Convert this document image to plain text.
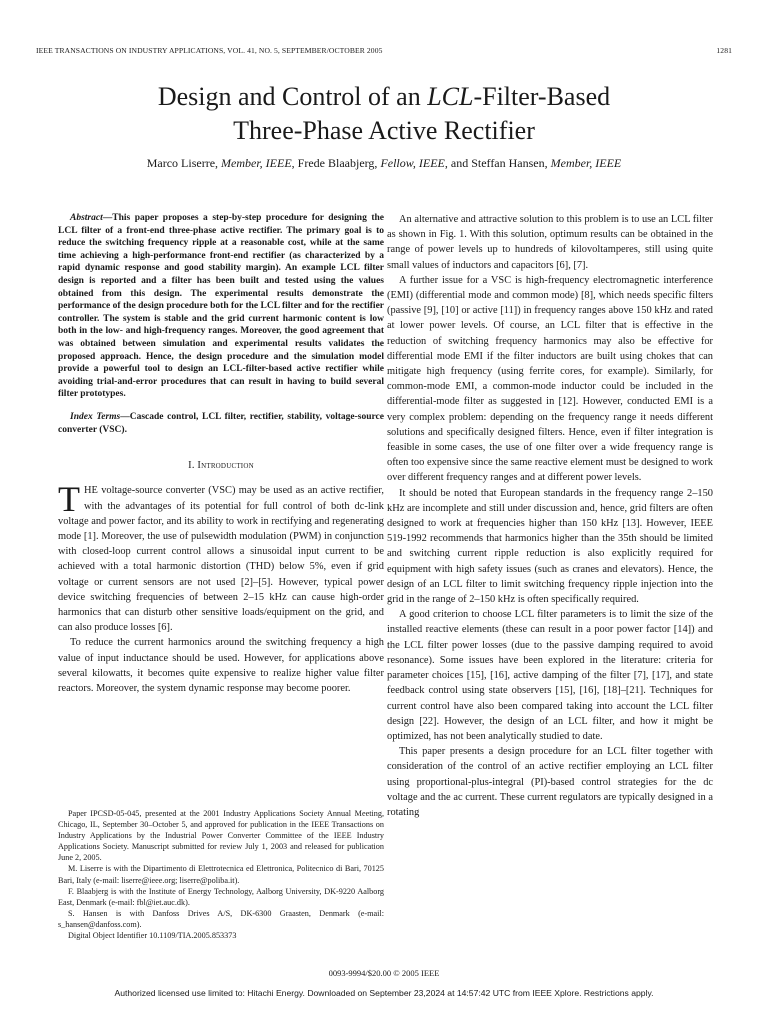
IEEE TRANSACTIONS ON INDUSTRY APPLICATIONS, VOL. 41, NO. 5, SEPTEMBER/OCTOBER 2005	1281
Design and Control of an LCL-Filter-Based
Three-Phase Active Rectifier
Marco Liserre, Member, IEEE, Frede Blaabjerg, Fellow, IEEE, and Steffan Hansen, Member, IEEE

Abstract—This paper proposes a step-by-step procedure for designing the LCL filter of a front-end three-phase active rectifier. The primary goal is to reduce the switching frequency ripple at a reasonable cost, while at the same time achieving a high-performance front-end rectifier (as characterized by a rapid dynamic response and good stability margin). An example LCL filter design is reported and a filter has been built and tested using the values obtained from this design. The experimental results demonstrate the performance of the design procedure both for the LCL filter and for the rectifier controller. The system is stable and the grid current harmonic content is low both in the low- and high-frequency ranges. Moreover, the good agreement that was obtained between simulation and experimental results validates the proposed approach. Hence, the design procedure and the simulation model provide a powerful tool to design an LCL-filter-based active rectifier while avoiding trial-and-error procedures that can result in having to build several filter prototypes.

Index Terms—Cascade control, LCL filter, rectifier, stability, voltage-source converter (VSC).

I. Introduction

THE voltage-source converter (VSC) may be used as an active rectifier, with the advantages of its potential for full control of both dc-link voltage and power factor, and its ability to work in rectifying and regenerating mode [1]. Moreover, the use of pulsewidth modulation (PWM) in conjunction with closed-loop current control allows a sinusoidal input current to be achieved with a total harmonic distortion (THD) below 5%, even if grid voltage or current sensors are not used [2]–[5]. However, typical power device switching frequencies of between 2–15 kHz can cause high-order harmonics that can disturb other sensitive loads/equipment on the grid, and can also produce losses [6].

To reduce the current harmonics around the switching frequency a high value of input inductance should be used. However, for applications above several kilowatts, it becomes quite expensive to realize higher value filter reactors. Moreover, the system dynamic response may become poorer.

Paper IPCSD-05-045, presented at the 2001 Industry Applications Society Annual Meeting, Chicago, IL, September 30–October 5, and approved for publication in the IEEE Transactions on Industry Applications by the Industrial Power Converter Committee of the IEEE Industry Applications Society. Manuscript submitted for review July 1, 2003 and released for publication June 2, 2005.

M. Liserre is with the Dipartimento di Elettrotecnica ed Elettronica, Politecnico di Bari, 70125 Bari, Italy (e-mail: liserre@ieee.org; liserre@poliba.it).

F. Blaabjerg is with the Institute of Energy Technology, Aalborg University, DK-9220 Aalborg East, Denmark (e-mail: fbl@iet.auc.dk).

S. Hansen is with Danfoss Drives A/S, DK-6300 Graasten, Denmark (e-mail: s_hansen@danfoss.com).

Digital Object Identifier 10.1109/TIA.2005.853373

An alternative and attractive solution to this problem is to use an LCL filter as shown in Fig. 1. With this solution, optimum results can be obtained in the range of power levels up to hundreds of kilovoltamperes, still using quite small values of inductors and capacitors [6], [7].

A further issue for a VSC is high-frequency electromagnetic interference (EMI) (differential mode and common mode) [8], which needs specific filters (passive [9], [10] or active [11]) in frequency ranges above 150 kHz and rated at lower power levels. Of course, an LCL filter that is effective in the reduction of switching frequency harmonics may also be effective for differential mode EMI if the filter inductors are built using chokes that can mitigate high frequency (using ferrite cores, for example). Similarly, for common-mode EMI, a common-mode inductor could be included in the differential-mode filter as suggested in [12]. However, conducted EMI is a very complex problem: depending on the frequency range it needs different solutions and specifically designed filters. Hence, even if filter integration is feasible in some cases, the use of one filter over a wide frequency range is often too expensive since the same reactive element must be designed to work over different frequency ranges and at different power levels.

It should be noted that European standards in the frequency range 2–150 kHz are incomplete and still under discussion and, hence, grid filters are often designed to work at frequencies higher than 150 kHz [13]. However, IEEE 519-1992 recommends that harmonics higher than the 35th should be limited and switching current ripple reduction is also explicitly required for equipment with high safety issues (such as cranes and elevators). Hence, the design of an LCL filter to limit switching frequency ripple injection into the grid in the range of 2–150 kHz is often specifically required.

A good criterion to choose LCL filter parameters is to limit the size of the installed reactive elements (these can result in a poor power factor [14]) and the LCL filter power losses (due to the passive damping required to avoid resonance). Some issues have been explored in the literature: criteria for parameter choices [15], [16], active damping of the filter [7], [17], and state feedback control using state observers [15], [16], [18]–[21]. Techniques for current control have also been compared taking into account the LCL filter design [22]. However, the design of an LCL filter, and how it might be optimized, has not been analytically studied to date.

This paper presents a design procedure for an LCL filter together with consideration of the control of an active rectifier employing an LCL filter using proportional-plus-integral (PI)-based control strategies for the dc voltage and the ac current. These current regulators are typically designed in a rotating

0093-9994/$20.00 © 2005 IEEE
Authorized licensed use limited to: Hitachi Energy. Downloaded on September 23,2024 at 14:57:42 UTC from IEEE Xplore. Restrictions apply.
